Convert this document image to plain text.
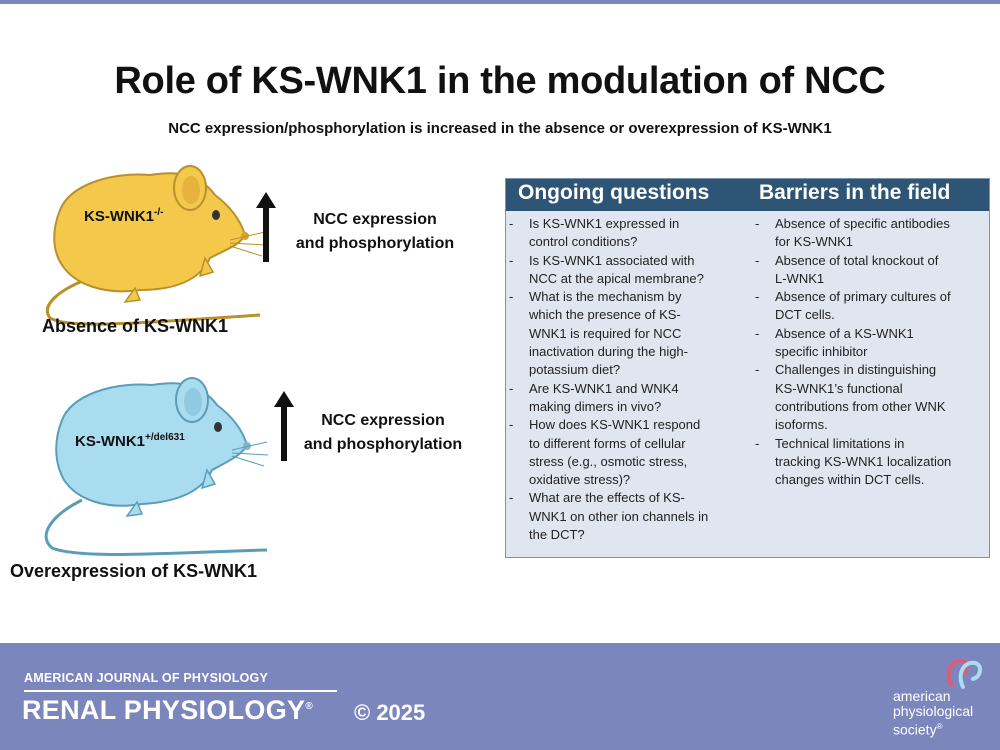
Role of KS-WNK1 in the modulation of NCC
NCC expression/phosphorylation is increased in the absence or overexpression of KS-WNK1
KS-WNK1-/-	NCC expression
and phosphorylation
Absence of KS-WNK1
$KS-WNK1^{+/del631}$
NCC expression
and phosphorylation
Overexpression of KS-WNK1
Ongoing questions Barriers in the field
- Is KS-WNK1 expressed in
control conditions?
- Is KS-WNK1 associated with
NCC at the apical membrane?
- What is the mechanism by
which the presence of KS-
WNK1 is required for NCC
inactivation during the high-
potassium diet?
- Are KS-WNK1 and WNK4
making dimers in vivo?
- How does KS-WNK1 respond
to different forms of cellular
stress (e.g., osmotic stress,
oxidative stress)?
- What are the effects of KS-
WNK1 on other ion channels in
the DCT?
- Absence of specific antibodies
for KS-WNK1
- Absence of total knockout of
L-WNK1
- Absence of primary cultures of
DCT cells.
- Absence of a KS-WNK1
specific inhibitor
- Challenges in distinguishing
KS-WNK1’s functional
contributions from other WNK
isoforms.
- Technical limitations in
tracking KS-WNK1 localization
changes within DCT cells.
AMERICAN JOURNAL OF PHYSIOLOGY
RENAL PHYSIOLOGY® © 2025
american
physiological
society®
